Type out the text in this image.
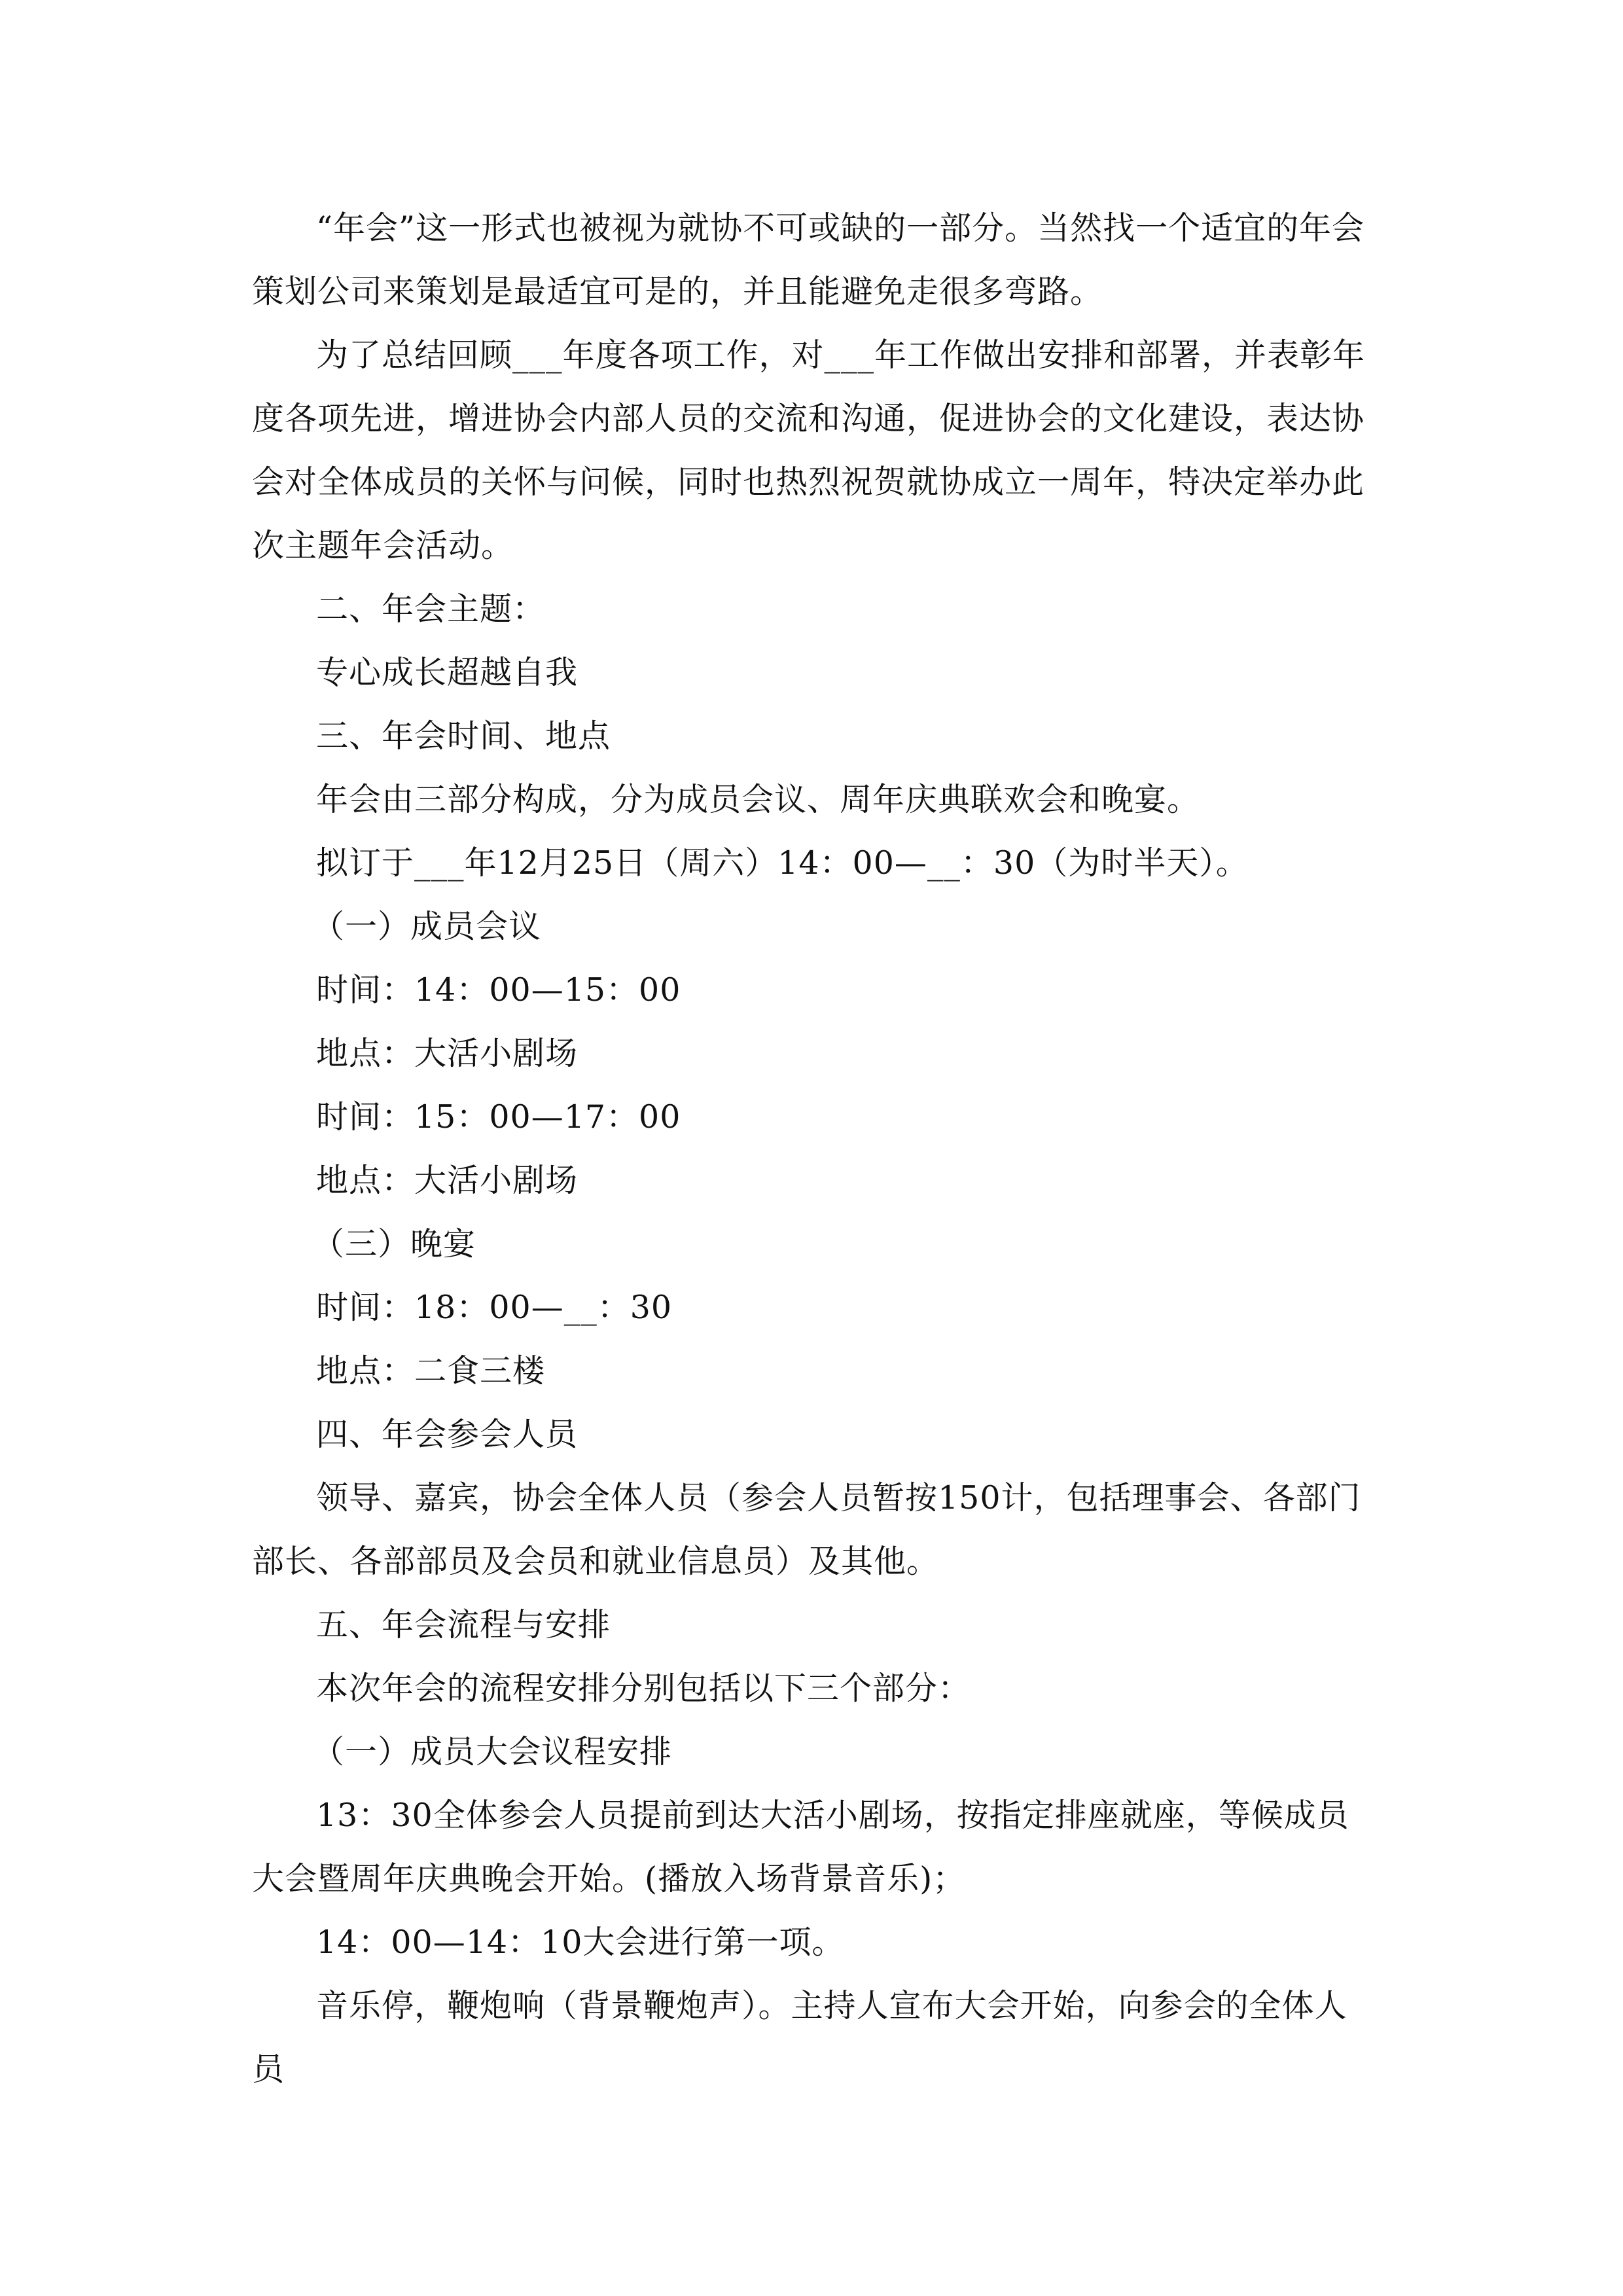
“年会”这一形式也被视为就协不可或缺的一部分。当然找一个适宜的年会策划公司来策划是最适宜可是的，并且能避免走很多弯路。

为了总结回顾___年度各项工作，对___年工作做出安排和部署，并表彰年度各项先进，增进协会内部人员的交流和沟通，促进协会的文化建设，表达协会对全体成员的关怀与问候，同时也热烈祝贺就协成立一周年，特决定举办此次主题年会活动。

二、年会主题：

专心成长超越自我

三、年会时间、地点

年会由三部分构成，分为成员会议、周年庆典联欢会和晚宴。

拟订于___年12月25日（周六）14：00—__：30（为时半天）。

（一）成员会议

时间：14：00—15：00

地点：大活小剧场

时间：15：00—17：00

地点：大活小剧场

（三）晚宴

时间：18：00—__：30

地点：二食三楼

四、年会参会人员

领导、嘉宾，协会全体人员（参会人员暂按150计，包括理事会、各部门部长、各部部员及会员和就业信息员）及其他。

五、年会流程与安排

本次年会的流程安排分别包括以下三个部分：

（一）成员大会议程安排

13：30全体参会人员提前到达大活小剧场，按指定排座就座，等候成员大会暨周年庆典晚会开始。(播放入场背景音乐)；

14：00—14：10大会进行第一项。

音乐停，鞭炮响（背景鞭炮声）。主持人宣布大会开始，向参会的全体人员
